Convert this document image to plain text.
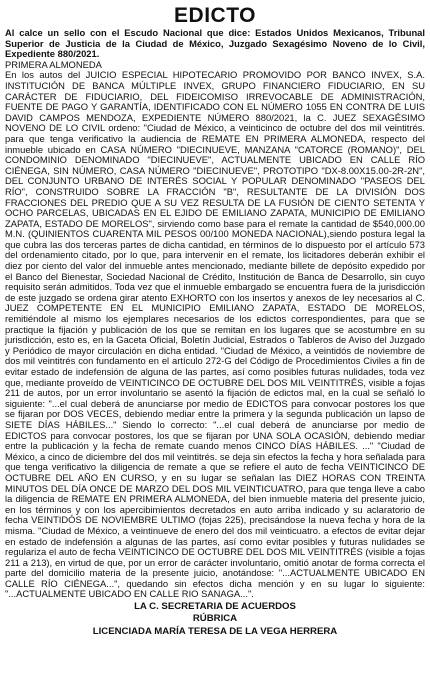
EDICTO

Al calce un sello con el Escudo Nacional que dice: Estados Unidos Mexicanos, Tribunal Superior de Justicia de la Ciudad de México, Juzgado Sexagésimo Noveno de lo Civil, Expediente 880/2021.

PRIMERA ALMONEDA

En los autos del JUICIO ESPECIAL HIPOTECARIO PROMOVIDO POR BANCO INVEX, S.A. INSTITUCIÓN DE BANCA MÚLTIPLE INVEX, GRUPO FINANCIERO FIDUCIARIO, EN SU CARÁCTER DE FIDUCIARIO, DEL FIDEICOMISO IRREVOCABLE DE ADMINISTRACIÓN, FUENTE DE PAGO Y GARANTÍA, IDENTIFICADO CON EL NÚMERO 1055 EN CONTRA DE LUIS DAVID CAMPOS MENDOZA, EXPEDIENTE NÚMERO 880/2021, la C. JUEZ SEXAGÉSIMO NOVENO DE LO CIVIL ordeno: "Ciudad de México, a veinticinco de octubre del dos mil veintitrés. para que tenga verificativo la audiencia de REMATE EN PRIMERA ALMONEDA, respecto del inmueble ubicado en CASA NÚMERO "DIECINUEVE, MANZANA "CATORCE (ROMANO)", DEL CONDOMINIO DENOMINADO "DIECINUEVE", ACTUALMENTE UBICADO EN CALLE RÍO CIÉNEGA, SIN NÚMERO, CASA NÚMERO "DIECINUEVE", PROTOTIPO "DX-8.00X15.00-2R-2N", DEL CONJUNTO URBANO DE INTERÉS SOCIAL Y POPULAR DENOMINADO "PASEOS DEL RÍO", CONSTRUIDO SOBRE LA FRACCIÓN "B", RESULTANTE DE LA DIVISIÓN DOS FRACCIONES DEL PREDIO QUE A SU VEZ RESULTA DE LA FUSIÓN DE CIENTO SETENTA Y OCHO PARCELAS, UBICADAS EN EL EJIDO DE EMILIANO ZAPATA, MUNICIPIO DE EMILIANO ZAPATA, ESTADO DE MORELOS", sirviendo como base para el remate la cantidad de $540,000.00 M.N. (QUINIENTOS CUARENTA MIL PESOS 00/100 MONEDA NACIONAL),siendo postura legal la que cubra las dos terceras partes de dicha cantidad, en términos de lo dispuesto por el artículo 573 del ordenamiento citado, por lo que, para intervenir en el remate, los licitadores deberán exhibir el diez por ciento del valor del inmueble antes mencionado, mediante billete de depósito expedido por el Banco del Bienestar, Sociedad Nacional de Crédito, Institución de Banca de Desarrollo, sin cuyo requisito serán admitidos. Toda vez que el inmueble embargado se encuentra fuera de la jurisdicción de este juzgado se ordena girar atento EXHORTO con los insertos y anexos de ley necesarios al C. JUEZ COMPETENTE EN EL MUNICIPIO EMILIANO ZAPATA, ESTADO DE MORELOS, remitiéndole al mismo los ejemplares necesarios de los edictos correspondientes, para que se practique la fijación y publicación de los que se remitan en los lugares que se acostumbre en su jurisdicción, esto es, en la Gaceta Oficial, Boletín Judicial, Estrados o Tableros de Aviso del Juzgado y Periódico de mayor circulación en dicha entidad. "Ciudad de México, a veintidós de noviembre de dos mil veintitrés con fundamento en el artículo 272-G del Código de Procedimientos Civiles a fin de evitar estado de indefensión de alguna de las partes, así como posibles futuras nulidades, toda vez que, mediante proveído de VEINTICINCO DE OCTUBRE DEL DOS MIL VEINTITRÉS, visible a fojas 211 de autos, por un error involuntario se asentó la fijación de edictos mal, en la cual se señaló lo siguiente: "...el cual deberá de anunciarse por medio de EDICTOS para convocar postores los que se fijaran por DOS VECES, debiendo mediar entre la primera y la segunda publicación un lapso de SIETE DÍAS HÁBILES..." Siendo lo correcto: "...el cual deberá de anunciarse por medio de EDICTOS para convocar postores, los que se fijaran por UNA SOLA OCASIÓN, debiendo mediar entre la publicación y la fecha de remate cuando menos CINCO DÍAS HÁBILES. ..." "Ciudad de México, a cinco de diciembre del dos mil veintitrés. se deja sin efectos la fecha y hora señalada para que tenga verificativo la diligencia de remate a que se refiere el auto de fecha VEINTICINCO DE OCTUBRE DEL AÑO EN CURSO, y en su lugar se señalan las DIEZ HORAS CON TREINTA MINUTOS DEL DÍA ONCE DE MARZO DEL DOS MIL VEINTICUATRO, para que tenga lleve a cabo la diligencia de REMATE EN PRIMERA ALMONEDA, del bien inmueble materia del presente juicio, en los términos y con los apercibimientos decretados en auto arriba indicado y su aclaratorio de fecha VEINTIDÓS DE NOVIEMBRE ULTIMO (fojas 225), precisándose la nueva fecha y hora de la misma. "Ciudad de México, a veintinueve de enero del dos mil veinticuatro. a efectos de evitar dejar en estado de indefensión a algunas de las partes, así como evitar posibles y futuras nulidades se regulariza el auto de fecha VEINTICINCO DE OCTUBRE DEL DOS MIL VEINTITRÉS (visible a fojas 211 a 213), en virtud de que, por un error de carácter involuntario, omitió anotar de forma correcta el parte del domicilio materia de la presente juicio, anotándose: "...ACTUALMENTE UBICADO EN CALLE RÍO CIÉNEGA...", quedando sin efectos dicha mención y en su lugar lo siguiente: "...ACTUALMENTE UBICADO EN CALLE RIO SANAGA...".

LA C. SECRETARIA DE ACUERDOS

RÚBRICA

LICENCIADA MARÍA TERESA DE LA VEGA HERRERA
